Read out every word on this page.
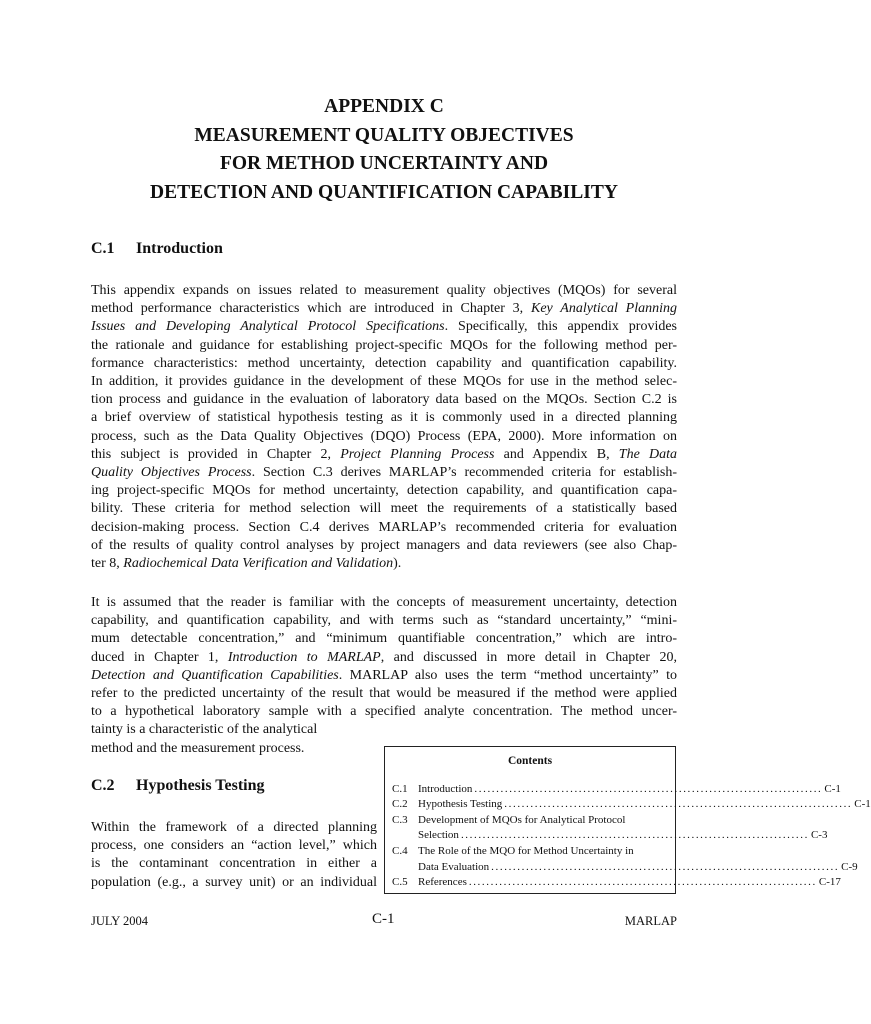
APPENDIX C
MEASUREMENT QUALITY OBJECTIVES
FOR METHOD UNCERTAINTY AND
DETECTION AND QUANTIFICATION CAPABILITY
C.1 Introduction
This appendix expands on issues related to measurement quality objectives (MQOs) for several
method performance characteristics which are introduced in Chapter 3, Key Analytical Planning
Issues and Developing Analytical Protocol Specifications. Specifically, this appendix provides
the rationale and guidance for establishing project-specific MQOs for the following method per-
formance characteristics: method uncertainty, detection capability and quantification capability.
In addition, it provides guidance in the development of these MQOs for use in the method selec-
tion process and guidance in the evaluation of laboratory data based on the MQOs. Section C.2 is
a brief overview of statistical hypothesis testing as it is commonly used in a directed planning
process, such as the Data Quality Objectives (DQO) Process (EPA, 2000). More information on
this subject is provided in Chapter 2, Project Planning Process and Appendix B, The Data
Quality Objectives Process. Section C.3 derives MARLAP’s recommended criteria for establish-
ing project-specific MQOs for method uncertainty, detection capability, and quantification capa-
bility. These criteria for method selection will meet the requirements of a statistically based
decision-making process. Section C.4 derives MARLAP’s recommended criteria for evaluation
of the results of quality control analyses by project managers and data reviewers (see also Chap-
ter 8, Radiochemical Data Verification and Validation).
It is assumed that the reader is familiar with the concepts of measurement uncertainty, detection
capability, and quantification capability, and with terms such as “standard uncertainty,” “mini-
mum detectable concentration,” and “minimum quantifiable concentration,” which are intro-
duced in Chapter 1, Introduction to MARLAP, and discussed in more detail in Chapter 20,
Detection and Quantification Capabilities. MARLAP also uses the term “method uncertainty” to
refer to the predicted uncertainty of the result that would be measured if the method were applied
to a hypothetical laboratory sample with a specified analyte concentration. The method uncer-
tainty is a characteristic of the analytical
method and the measurement process.
C.2 Hypothesis Testing
Within the framework of a directed planning
process, one considers an “action level,” which
is the contaminant concentration in either a
population (e.g., a survey unit) or an individual
Contents
C.1 Introduction ................................................................................ C-1
C.2 Hypothesis Testing ................................................................................ C-1
C.3 Development of MQOs for Analytical Protocol
Selection ................................................................................ C-3
C.4 The Role of the MQO for Method Uncertainty in
Data Evaluation ................................................................................ C-9
C.5 References ................................................................................ C-17
JULY 2004	C-1	MARLAP
